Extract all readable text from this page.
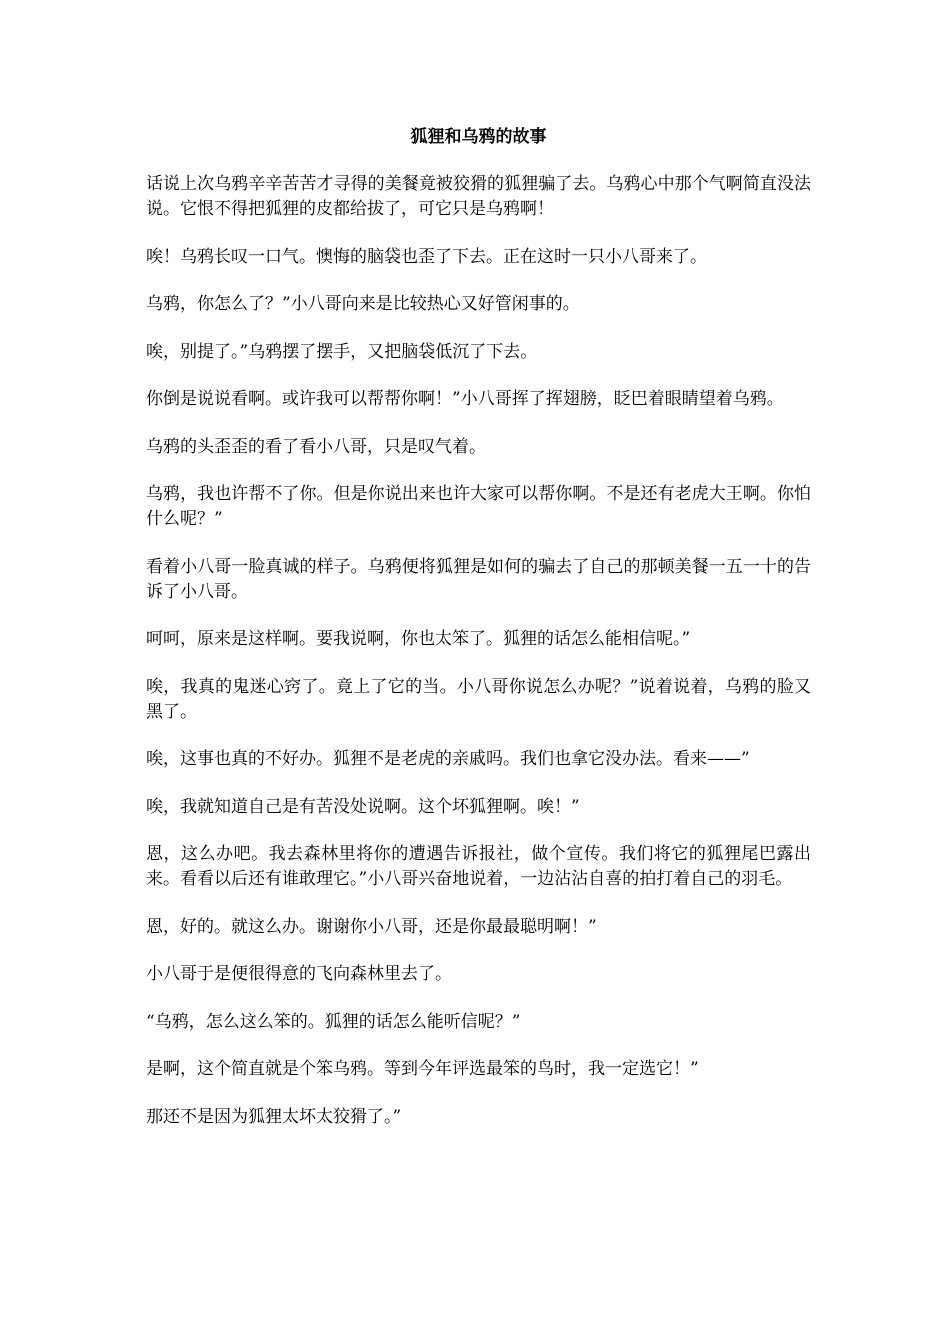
狐狸和乌鸦的故事
话说上次乌鸦辛辛苦苦才寻得的美餐竟被狡猾的狐狸骗了去。乌鸦心中那个气啊简直没法说。它恨不得把狐狸的皮都给拔了，可它只是乌鸦啊！
唉！乌鸦长叹一口气。懊悔的脑袋也歪了下去。正在这时一只小八哥来了。
乌鸦，你怎么了？”小八哥向来是比较热心又好管闲事的。
唉，别提了。”乌鸦摆了摆手，又把脑袋低沉了下去。
你倒是说说看啊。或许我可以帮帮你啊！”小八哥挥了挥翅膀，眨巴着眼睛望着乌鸦。
乌鸦的头歪歪的看了看小八哥，只是叹气着。
乌鸦，我也许帮不了你。但是你说出来也许大家可以帮你啊。不是还有老虎大王啊。你怕什么呢？”
看着小八哥一脸真诚的样子。乌鸦便将狐狸是如何的骗去了自己的那顿美餐一五一十的告诉了小八哥。
呵呵，原来是这样啊。要我说啊，你也太笨了。狐狸的话怎么能相信呢。”
唉，我真的鬼迷心窍了。竟上了它的当。小八哥你说怎么办呢？”说着说着，乌鸦的脸又黑了。
唉，这事也真的不好办。狐狸不是老虎的亲戚吗。我们也拿它没办法。看来——”
唉，我就知道自己是有苦没处说啊。这个坏狐狸啊。唉！”
恩，这么办吧。我去森林里将你的遭遇告诉报社，做个宣传。我们将它的狐狸尾巴露出来。看看以后还有谁敢理它。”小八哥兴奋地说着，一边沾沾自喜的拍打着自己的羽毛。
恩，好的。就这么办。谢谢你小八哥，还是你最最聪明啊！”
小八哥于是便很得意的飞向森林里去了。
“乌鸦，怎么这么笨的。狐狸的话怎么能听信呢？”
是啊，这个简直就是个笨乌鸦。等到今年评选最笨的鸟时，我一定选它！”
那还不是因为狐狸太坏太狡猾了。”
